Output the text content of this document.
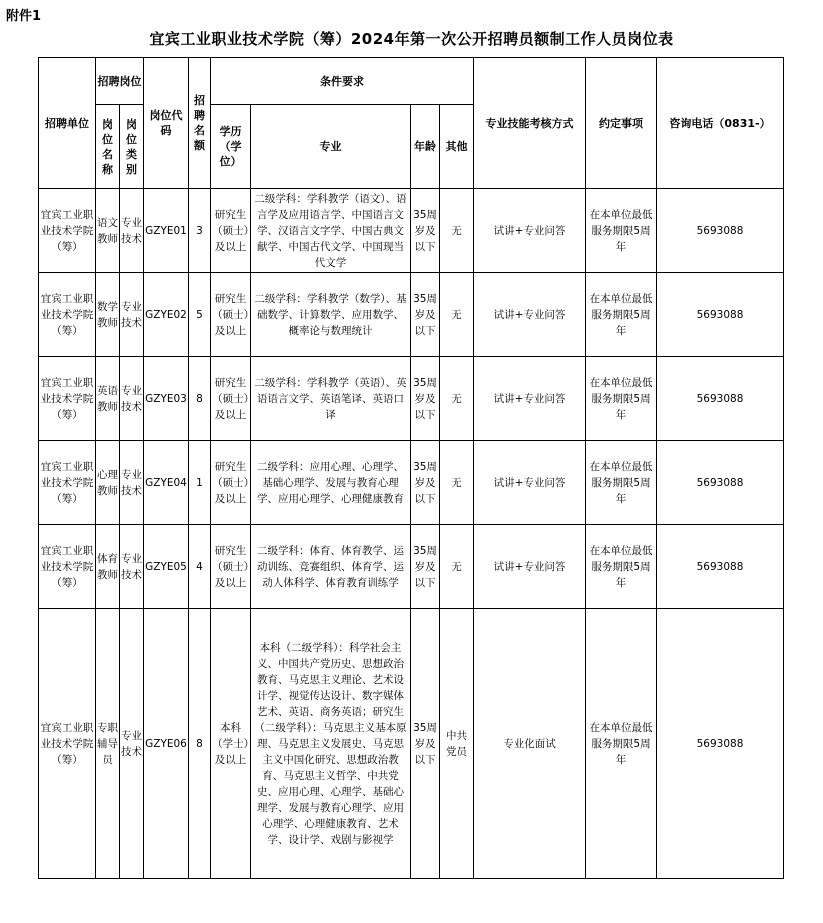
附件1
宜宾工业职业技术学院（筹）2024年第一次公开招聘员额制工作人员岗位表
招聘单位	招聘岗位		岗位代码	招聘名额	条件要求				专业技能考核方式	约定事项	咨询电话（0831-）
	岗位名称	岗位类别			学历（学位）	专业	年龄	其他			
宜宾工业职业技术学院（筹）	语文教师	专业技术	GZYE01	3	研究生（硕士）及以上	二级学科：学科教学（语文）、语言学及应用语言学、中国语言文学、汉语言文字学、中国古典文献学、中国古代文学、中国现当代文学	35周岁及以下	无	试讲+专业问答	在本单位最低服务期限5周年	5693088
宜宾工业职业技术学院（筹）	数学教师	专业技术	GZYE02	5	研究生（硕士）及以上	二级学科：学科教学（数学）、基础数学、计算数学、应用数学、概率论与数理统计	35周岁及以下	无	试讲+专业问答	在本单位最低服务期限5周年	5693088
宜宾工业职业技术学院（筹）	英语教师	专业技术	GZYE03	8	研究生（硕士）及以上	二级学科：学科教学（英语）、英语语言文学、英语笔译、英语口译	35周岁及以下	无	试讲+专业问答	在本单位最低服务期限5周年	5693088
宜宾工业职业技术学院（筹）	心理教师	专业技术	GZYE04	1	研究生（硕士）及以上	二级学科：应用心理、心理学、基础心理学、发展与教育心理学、应用心理学、心理健康教育	35周岁及以下	无	试讲+专业问答	在本单位最低服务期限5周年	5693088
宜宾工业职业技术学院（筹）	体育教师	专业技术	GZYE05	4	研究生（硕士）及以上	二级学科：体育、体育教学、运动训练、竞赛组织、体育学、运动人体科学、体育教育训练学	35周岁及以下	无	试讲+专业问答	在本单位最低服务期限5周年	5693088
宜宾工业职业技术学院（筹）	专职辅导员	专业技术	GZYE06	8	本科（学士）及以上	本科（二级学科）：科学社会主义、中国共产党历史、思想政治教育、马克思主义理论、艺术设计学、视觉传达设计、数字媒体艺术、英语、商务英语；研究生（二级学科）：马克思主义基本原理、马克思主义发展史、马克思主义中国化研究、思想政治教育、马克思主义哲学、中共党史、应用心理、心理学、基础心理学、发展与教育心理学、应用心理学、心理健康教育、艺术学、设计学、戏剧与影视学	35周岁及以下	中共党员	专业化面试	在本单位最低服务期限5周年	5693088
